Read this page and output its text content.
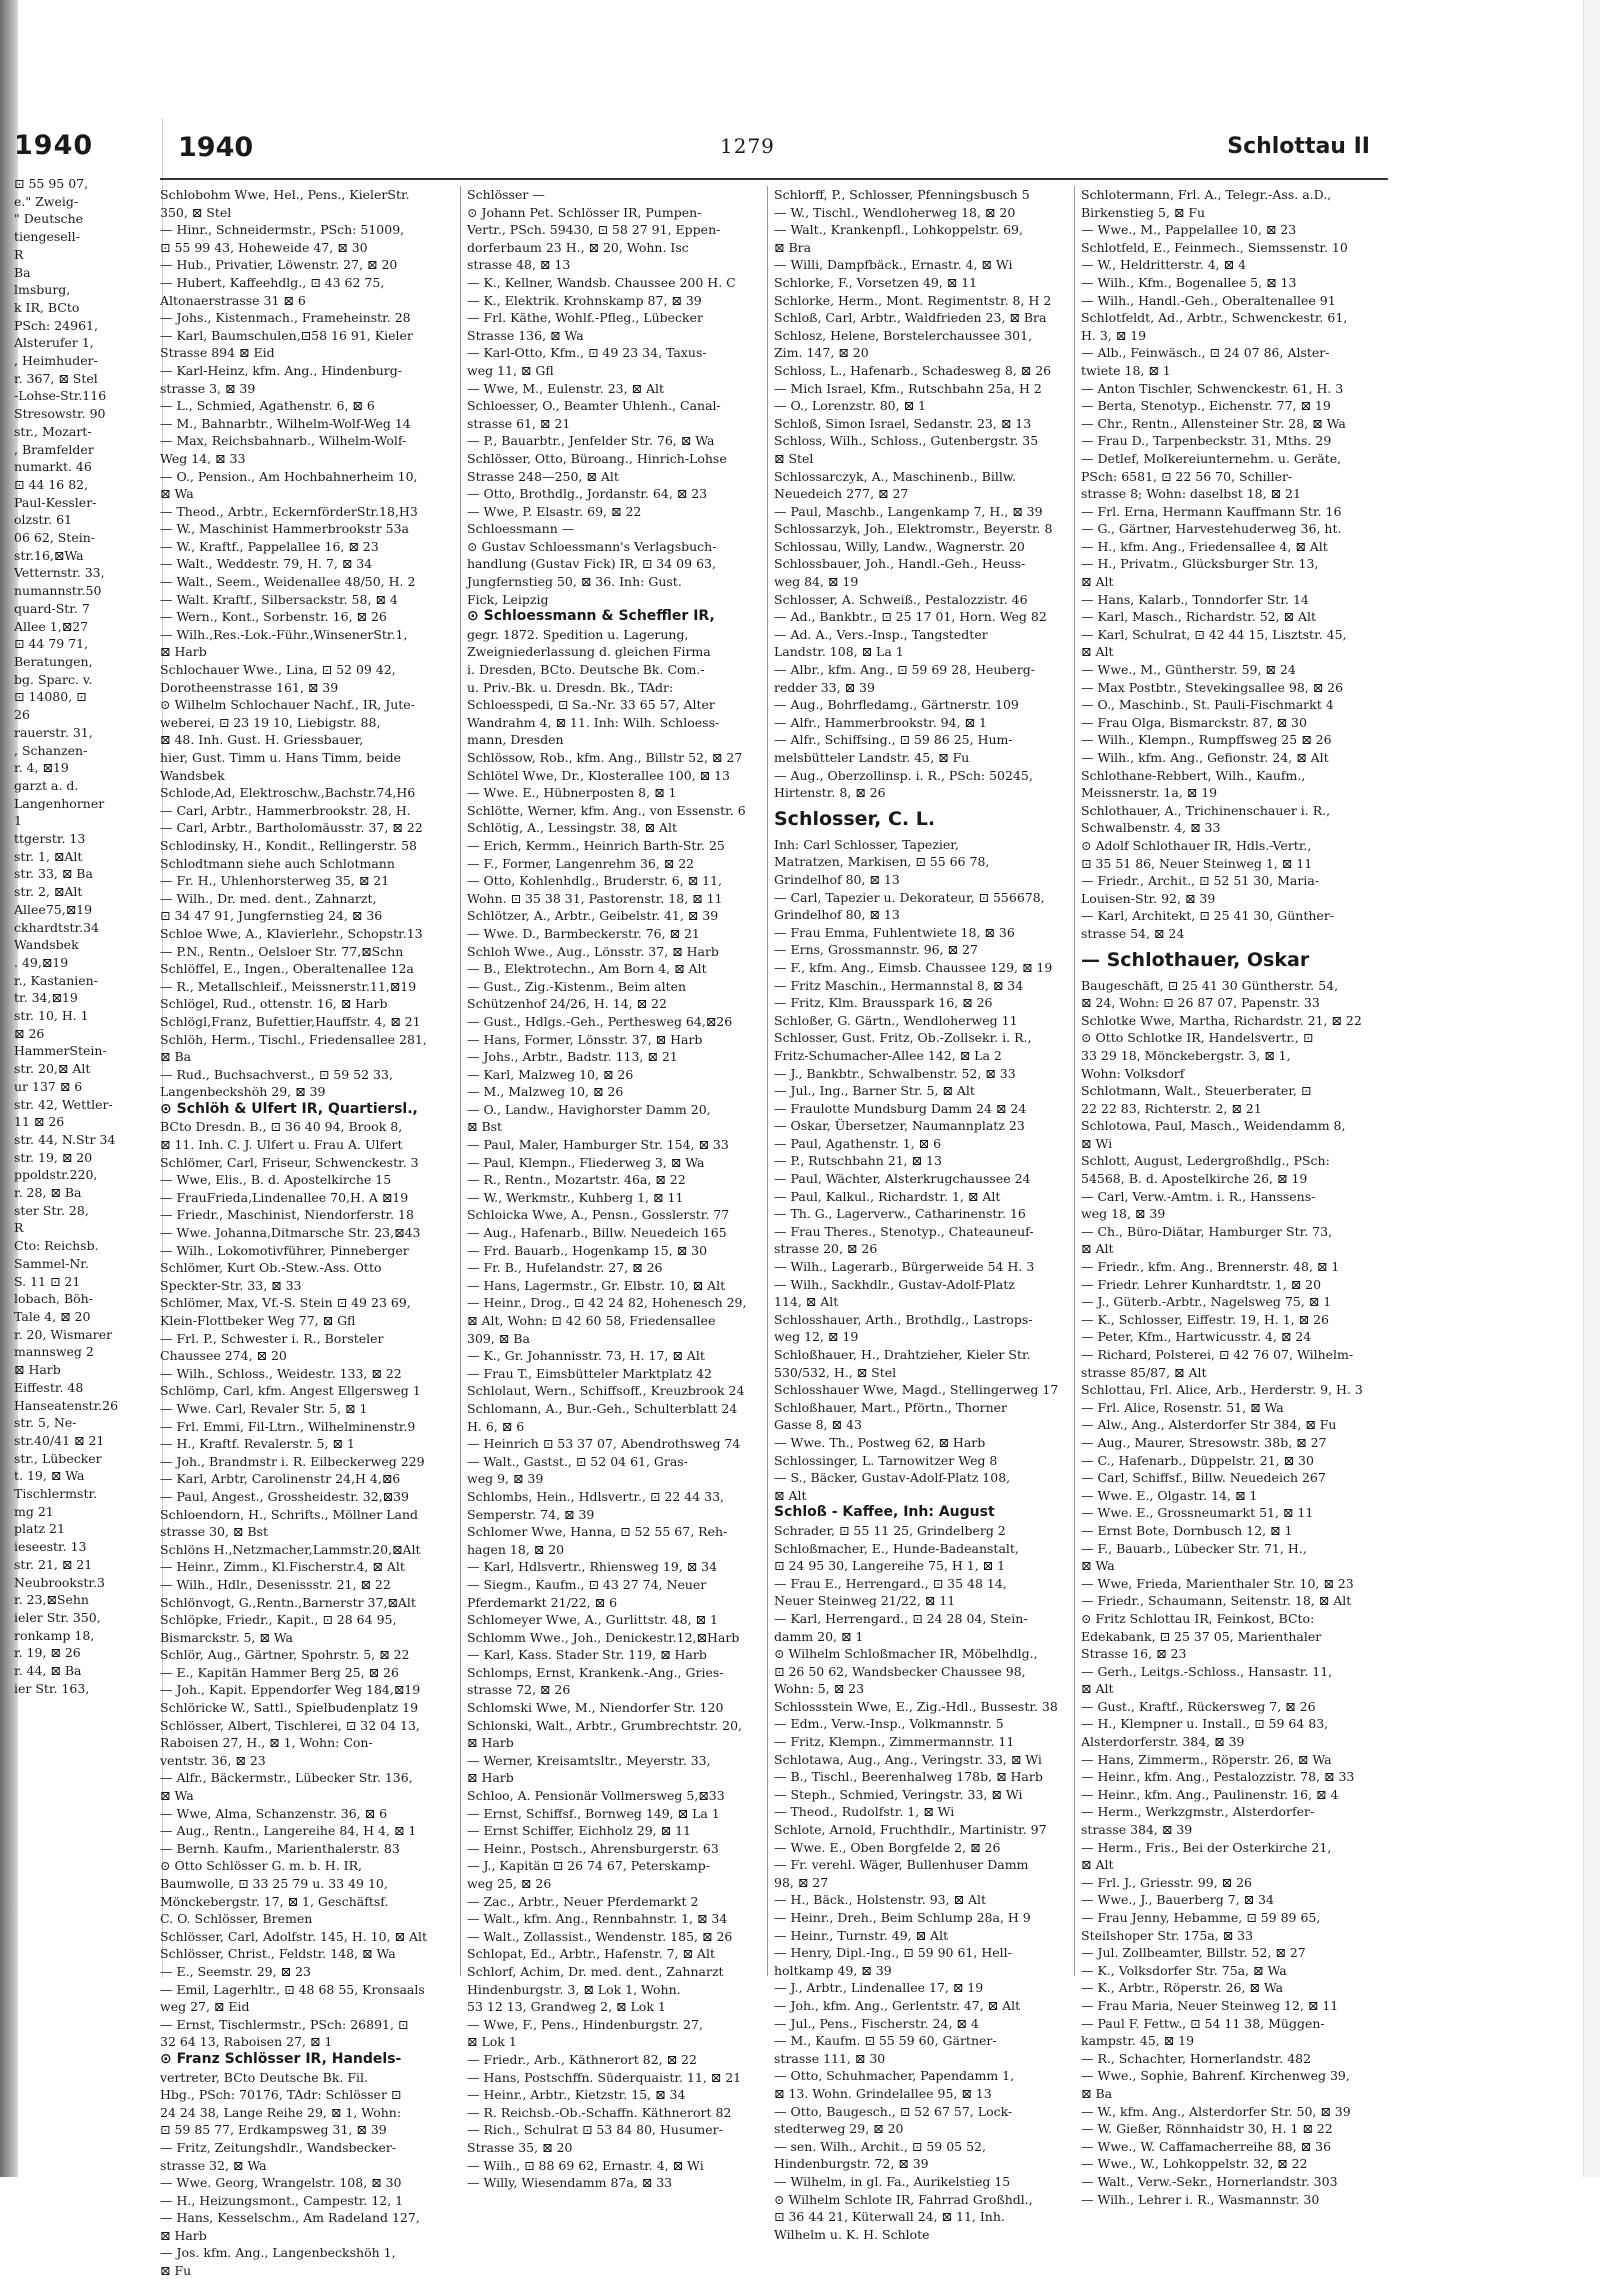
1940
⊡ 55 95 07,
e." Zweig-
" Deutsche
tiengesell-
R
Ba
lmsburg,
k IR, BCto
PSch: 24961,
Alsterufer 1,
, Heimhuder-
r. 367, ⊠ Stel
-Lohse-Str.116
Stresowstr. 90
str., Mozart-
, Bramfelder
numarkt. 46
⊡ 44 16 82,
Paul-Kessler-
olzstr. 61
06 62, Stein-
str.16,⊠Wa
Vetternstr. 33,
numannstr.50
quard-Str. 7
Allee 1,⊠27
⊡ 44 79 71,
Beratungen,
bg. Sparc. v.
⊡ 14080, ⊡
26
rauerstr. 31,
, Schanzen-
r. 4, ⊠19
garzt a. d.
Langenhorner
1
ttgerstr. 13
str. 1, ⊠Alt
str. 33, ⊠ Ba
str. 2, ⊠Alt
Allee75,⊠19
ckhardtstr.34
Wandsbek
. 49,⊠19
r., Kastanien-
tr. 34,⊠19
str. 10, H. 1
⊠ 26
HammerStein-
str. 20,⊠ Alt
ur 137 ⊠ 6
str. 42, Wettler-
11 ⊠ 26
str. 44, N.Str 34
str. 19, ⊠ 20
ppoldstr.220,
r. 28, ⊠ Ba
ster Str. 28,
R
Cto: Reichsb.
Sammel-Nr.
S. 11 ⊡ 21
lobach, Böh-
Tale 4, ⊠ 20
r. 20, Wismarer
mannsweg 2
⊠ Harb
Eiffestr. 48
Hanseatenstr.26
str. 5, Ne-
str.40/41 ⊠ 21
str., Lübecker
t. 19, ⊠ Wa
Tischlermstr.
mg 21
platz 21
ieseestr. 13
str. 21, ⊠ 21
Neubrookstr.3
r. 23,⊠Sehn
ieler Str. 350,
ronkamp 18,
r. 19, ⊠ 26
r. 44, ⊠ Ba
ier Str. 163,
1940	1279	Schlottau II
Schlobohm Wwe, Hel., Pens., KielerStr.
350, ⊠ Stel
— Hinr., Schneidermstr., PSch: 51009,
⊡ 55 99 43, Hoheweide 47, ⊠ 30
— Hub., Privatier, Löwenstr. 27, ⊠ 20
— Hubert, Kaffeehdlg., ⊡ 43 62 75,
Altonaerstrasse 31 ⊠ 6
— Johs., Kistenmach., Frameheinstr. 28
— Karl, Baumschulen,⊡58 16 91, Kieler
Strasse 894 ⊠ Eid
— Karl-Heinz, kfm. Ang., Hindenburg-
strasse 3, ⊠ 39
— L., Schmied, Agathenstr. 6, ⊠ 6
— M., Bahnarbtr., Wilhelm-Wolf-Weg 14
— Max, Reichsbahnarb., Wilhelm-Wolf-
Weg 14, ⊠ 33
— O., Pension., Am Hochbahnerheim 10,
⊠ Wa
— Theod., Arbtr., EckernförderStr.18,H3
— W., Maschinist Hammerbrookstr 53a
— W., Kraftf., Pappelallee 16, ⊠ 23
— Walt., Weddestr. 79, H. 7, ⊠ 34
— Walt., Seem., Weidenallee 48/50, H. 2
— Walt. Kraftf., Silbersackstr. 58, ⊠ 4
— Wern., Kont., Sorbenstr. 16, ⊠ 26
— Wilh.,Res.-Lok.-Führ.,WinsenerStr.1,
⊠ Harb
Schlochauer Wwe., Lina, ⊡ 52 09 42,
Dorotheenstrasse 161, ⊠ 39
⊙ Wilhelm Schlochauer Nachf., IR, Jute-
weberei, ⊡ 23 19 10, Liebigstr. 88,
⊠ 48. Inh. Gust. H. Griessbauer,
hier, Gust. Timm u. Hans Timm, beide
Wandsbek
Schlode,Ad, Elektroschw.,Bachstr.74,H6
— Carl, Arbtr., Hammerbrookstr. 28, H.
— Carl, Arbtr., Bartholomäusstr. 37, ⊠ 22
Schlodinsky, H., Kondit., Rellingerstr. 58
Schlodtmann siehe auch Schlotmann
— Fr. H., Uhlenhorsterweg 35, ⊠ 21
— Wilh., Dr. med. dent., Zahnarzt,
⊡ 34 47 91, Jungfernstieg 24, ⊠ 36
Schloe Wwe, A., Klavierlehr., Schopstr.13
— P.N., Rentn., Oelsloer Str. 77,⊠Schn
Schlöffel, E., Ingen., Oberaltenallee 12a
— R., Metallschleif., Meissnerstr.11,⊠19
Schlögel, Rud., ottenstr. 16, ⊠ Harb
Schlögl,Franz, Bufettier,Hauffstr. 4, ⊠ 21
Schlöh, Herm., Tischl., Friedensallee 281,
⊠ Ba
— Rud., Buchsachverst., ⊡ 59 52 33,
Langenbeckshöh 29, ⊠ 39
⊙ Schlöh & Ulfert IR, Quartiersl.,
BCto Dresdn. B., ⊡ 36 40 94, Brook 8,
⊠ 11. Inh. C. J. Ulfert u. Frau A. Ulfert
Schlömer, Carl, Friseur, Schwenckestr. 3
— Wwe, Elis., B. d. Apostelkirche 15
— FrauFrieda,Lindenallee 70,H. A ⊠19
— Friedr., Maschinist, Niendorferstr. 18
— Wwe. Johanna,Ditmarsche Str. 23,⊠43
— Wilh., Lokomotivführer, Pinneberger
Schlömer, Kurt Ob.-Stew.-Ass. Otto
Speckter-Str. 33, ⊠ 33
Schlömer, Max, Vf.-S. Stein ⊡ 49 23 69,
Klein-Flottbeker Weg 77, ⊠ Gfl
— Frl. P., Schwester i. R., Borsteler
Chaussee 274, ⊠ 20
— Wilh., Schloss., Weidestr. 133, ⊠ 22
Schlömp, Carl, kfm. Angest Ellgersweg 1
— Wwe. Carl, Revaler Str. 5, ⊠ 1
— Frl. Emmi, Fil-Ltrn., Wilhelminenstr.9
— H., Kraftf. Revalerstr. 5, ⊠ 1
— Joh., Brandmstr i. R. Eilbeckerweg 229
— Karl, Arbtr, Carolinenstr 24,H 4,⊠6
— Paul, Angest., Grossheidestr. 32,⊠39
Schloendorn, H., Schrifts., Möllner Land
strasse 30, ⊠ Bst
Schlöns H.,Netzmacher,Lammstr.20,⊠Alt
— Heinr., Zimm., Kl.Fischerstr.4, ⊠ Alt
— Wilh., Hdlr., Desenissstr. 21, ⊠ 22
Schlönvogt, G.,Rentn.,Barnerstr 37,⊠Alt
Schlöpke, Friedr., Kapit., ⊡ 28 64 95,
Bismarckstr. 5, ⊠ Wa
Schlör, Aug., Gärtner, Spohrstr. 5, ⊠ 22
— E., Kapitän Hammer Berg 25, ⊠ 26
— Joh., Kapit. Eppendorfer Weg 184,⊠19
Schlöricke W., Sattl., Spielbudenplatz 19
Schlösser, Albert, Tischlerei, ⊡ 32 04 13,
Raboisen 27, H., ⊠ 1, Wohn: Con-
ventstr. 36, ⊠ 23
— Alfr., Bäckermstr., Lübecker Str. 136,
⊠ Wa
— Wwe, Alma, Schanzenstr. 36, ⊠ 6
— Aug., Rentn., Langereihe 84, H 4, ⊠ 1
— Bernh. Kaufm., Marienthalerstr. 83
⊙ Otto Schlösser G. m. b. H. IR,
Baumwolle, ⊡ 33 25 79 u. 33 49 10,
Mönckebergstr. 17, ⊠ 1, Geschäftsf.
C. O. Schlösser, Bremen
Schlösser, Carl, Adolfstr. 145, H. 10, ⊠ Alt
Schlösser, Christ., Feldstr. 148, ⊠ Wa
— E., Seemstr. 29, ⊠ 23
— Emil, Lagerhltr., ⊡ 48 68 55, Kronsaals
weg 27, ⊠ Eid
— Ernst, Tischlermstr., PSch: 26891, ⊡
32 64 13, Raboisen 27, ⊠ 1
⊙ Franz Schlösser IR, Handels-
vertreter, BCto Deutsche Bk. Fil.
Hbg., PSch: 70176, TAdr: Schlösser ⊡
24 24 38, Lange Reihe 29, ⊠ 1, Wohn:
⊡ 59 85 77, Erdkampsweg 31, ⊠ 39
— Fritz, Zeitungshdlr., Wandsbecker-
strasse 32, ⊠ Wa
— Wwe. Georg, Wrangelstr. 108, ⊠ 30
— H., Heizungsmont., Campestr. 12, 1
— Hans, Kesselschm., Am Radeland 127,
⊠ Harb
— Jos. kfm. Ang., Langenbeckshöh 1,
⊠ Fu
Schlösser —
⊙ Johann Pet. Schlösser IR, Pumpen-
Vertr., PSch. 59430, ⊡ 58 27 91, Eppen-
dorferbaum 23 H., ⊠ 20, Wohn. Isc
strasse 48, ⊠ 13
— K., Kellner, Wandsb. Chaussee 200 H. C
— K., Elektrik. Krohnskamp 87, ⊠ 39
— Frl. Käthe, Wohlf.-Pfleg., Lübecker
Strasse 136, ⊠ Wa
— Karl-Otto, Kfm., ⊡ 49 23 34, Taxus-
weg 11, ⊠ Gfl
— Wwe, M., Eulenstr. 23, ⊠ Alt
Schloesser, O., Beamter Uhlenh., Canal-
strasse 61, ⊠ 21
— P., Bauarbtr., Jenfelder Str. 76, ⊠ Wa
Schlösser, Otto, Büroang., Hinrich-Lohse
Strasse 248—250, ⊠ Alt
— Otto, Brothdlg., Jordanstr. 64, ⊠ 23
— Wwe, P. Elsastr. 69, ⊠ 22
Schloessmann —
⊙ Gustav Schloessmann's Verlagsbuch-
handlung (Gustav Fick) IR, ⊡ 34 09 63,
Jungfernstieg 50, ⊠ 36. Inh: Gust.
Fick, Leipzig
⊙ Schloessmann & Scheffler IR,
gegr. 1872. Spedition u. Lagerung,
Zweigniederlassung d. gleichen Firma
i. Dresden, BCto. Deutsche Bk. Com.-
u. Priv.-Bk. u. Dresdn. Bk., TAdr:
Schloesspedi, ⊡ Sa.-Nr. 33 65 57, Alter
Wandrahm 4, ⊠ 11. Inh: Wilh. Schloess-
mann, Dresden
Schlössow, Rob., kfm. Ang., Billstr 52, ⊠ 27
Schlötel Wwe, Dr., Klosterallee 100, ⊠ 13
— Wwe. E., Hübnerposten 8, ⊠ 1
Schlötte, Werner, kfm. Ang., von Essenstr. 6
Schlötig, A., Lessingstr. 38, ⊠ Alt
— Erich, Kermm., Heinrich Barth-Str. 25
— F., Former, Langenrehm 36, ⊠ 22
— Otto, Kohlenhdlg., Bruderstr. 6, ⊠ 11,
Wohn. ⊡ 35 38 31, Pastorenstr. 18, ⊠ 11
Schlötzer, A., Arbtr., Geibelstr. 41, ⊠ 39
— Wwe. D., Barmbeckerstr. 76, ⊠ 21
Schloh Wwe., Aug., Lönsstr. 37, ⊠ Harb
— B., Elektrotechn., Am Born 4, ⊠ Alt
— Gust., Zig.-Kistenm., Beim alten
Schützenhof 24/26, H. 14, ⊠ 22
— Gust., Hdlgs.-Geh., Perthesweg 64,⊠26
— Hans, Former, Lönsstr. 37, ⊠ Harb
— Johs., Arbtr., Badstr. 113, ⊠ 21
— Karl, Malzweg 10, ⊠ 26
— M., Malzweg 10, ⊠ 26
— O., Landw., Havighorster Damm 20,
⊠ Bst
— Paul, Maler, Hamburger Str. 154, ⊠ 33
— Paul, Klempn., Fliederweg 3, ⊠ Wa
— R., Rentn., Mozartstr. 46a, ⊠ 22
— W., Werkmstr., Kuhberg 1, ⊠ 11
Schloicka Wwe, A., Pensn., Gosslerstr. 77
— Aug., Hafenarb., Billw. Neuedeich 165
— Frd. Bauarb., Hogenkamp 15, ⊠ 30
— Fr. B., Hufelandstr. 27, ⊠ 26
— Hans, Lagermstr., Gr. Elbstr. 10, ⊠ Alt
— Heinr., Drog., ⊡ 42 24 82, Hohenesch 29,
⊠ Alt, Wohn: ⊡ 42 60 58, Friedensallee
309, ⊠ Ba
— K., Gr. Johannisstr. 73, H. 17, ⊠ Alt
— Frau T., Eimsbütteler Marktplatz 42
Schlolaut, Wern., Schiffsoff., Kreuzbrook 24
Schlomann, A., Bur.-Geh., Schulterblatt 24
H. 6, ⊠ 6
— Heinrich ⊡ 53 37 07, Abendrothsweg 74
— Walt., Gastst., ⊡ 52 04 61, Gras-
weg 9, ⊠ 39
Schlombs, Hein., Hdlsvertr., ⊡ 22 44 33,
Semperstr. 74, ⊠ 39
Schlomer Wwe, Hanna, ⊡ 52 55 67, Reh-
hagen 18, ⊠ 20
— Karl, Hdlsvertr., Rhiensweg 19, ⊠ 34
— Siegm., Kaufm., ⊡ 43 27 74, Neuer
Pferdemarkt 21/22, ⊠ 6
Schlomeyer Wwe, A., Gurlittstr. 48, ⊠ 1
Schlomm Wwe., Joh., Denickestr.12,⊠Harb
— Karl, Kass. Stader Str. 119, ⊠ Harb
Schlomps, Ernst, Krankenk.-Ang., Gries-
strasse 72, ⊠ 26
Schlomski Wwe, M., Niendorfer Str. 120
Schlonski, Walt., Arbtr., Grumbrechtstr. 20,
⊠ Harb
— Werner, Kreisamtsltr., Meyerstr. 33,
⊠ Harb
Schloo, A. Pensionär Vollmersweg 5,⊠33
— Ernst, Schiffsf., Bornweg 149, ⊠ La 1
— Ernst Schiffer, Eichholz 29, ⊠ 11
— Heinr., Postsch., Ahrensburgerstr. 63
— J., Kapitän ⊡ 26 74 67, Peterskamp-
weg 25, ⊠ 26
— Zac., Arbtr., Neuer Pferdemarkt 2
— Walt., kfm. Ang., Rennbahnstr. 1, ⊠ 34
— Walt., Zollassist., Wendenstr. 185, ⊠ 26
Schlopat, Ed., Arbtr., Hafenstr. 7, ⊠ Alt
Schlorf, Achim, Dr. med. dent., Zahnarzt
Hindenburgstr. 3, ⊠ Lok 1, Wohn.
53 12 13, Grandweg 2, ⊠ Lok 1
— Wwe, F., Pens., Hindenburgstr. 27,
⊠ Lok 1
— Friedr., Arb., Käthnerort 82, ⊠ 22
— Hans, Postschffn. Süderquaistr. 11, ⊠ 21
— Heinr., Arbtr., Kietzstr. 15, ⊠ 34
— R. Reichsb.-Ob.-Schaffn. Käthnerort 82
— Rich., Schulrat ⊡ 53 84 80, Husumer-
Strasse 35, ⊠ 20
— Wilh., ⊡ 88 69 62, Ernastr. 4, ⊠ Wi
— Willy, Wiesendamm 87a, ⊠ 33
Schlorff, P., Schlosser, Pfenningsbusch 5
— W., Tischl., Wendloherweg 18, ⊠ 20
— Walt., Krankenpfl., Lohkoppelstr. 69,
⊠ Bra
— Willi, Dampfbäck., Ernastr. 4, ⊠ Wi
Schlorke, F., Vorsetzen 49, ⊠ 11
Schlorke, Herm., Mont. Regimentstr. 8, H 2
Schloß, Carl, Arbtr., Waldfrieden 23, ⊠ Bra
Schlosz, Helene, Borstelerchaussee 301,
Zim. 147, ⊠ 20
Schloss, L., Hafenarb., Schadesweg 8, ⊠ 26
— Mich Israel, Kfm., Rutschbahn 25a, H 2
— O., Lorenzstr. 80, ⊠ 1
Schloß, Simon Israel, Sedanstr. 23, ⊠ 13
Schloss, Wilh., Schloss., Gutenbergstr. 35
⊠ Stel
Schlossarczyk, A., Maschinenb., Billw.
Neuedeich 277, ⊠ 27
— Paul, Maschb., Langenkamp 7, H., ⊠ 39
Schlossarzyk, Joh., Elektromstr., Beyerstr. 8
Schlossau, Willy, Landw., Wagnerstr. 20
Schlossbauer, Joh., Handl.-Geh., Heuss-
weg 84, ⊠ 19
Schlosser, A. Schweiß., Pestalozzistr. 46
— Ad., Bankbtr., ⊡ 25 17 01, Horn. Weg 82
— Ad. A., Vers.-Insp., Tangstedter
Landstr. 108, ⊠ La 1
— Albr., kfm. Ang., ⊡ 59 69 28, Heuberg-
redder 33, ⊠ 39
— Aug., Bohrfledamg., Gärtnerstr. 109
— Alfr., Hammerbrookstr. 94, ⊠ 1
— Alfr., Schiffsing., ⊡ 59 86 25, Hum-
melsbütteler Landstr. 45, ⊠ Fu
— Aug., Oberzollinsp. i. R., PSch: 50245,
Hirtenstr. 8, ⊠ 26
Schlosser, C. L.
Inh: Carl Schlosser, Tapezier,
Matratzen, Markisen, ⊡ 55 66 78,
Grindelhof 80, ⊠ 13
— Carl, Tapezier u. Dekorateur, ⊡ 556678,
Grindelhof 80, ⊠ 13
— Frau Emma, Fuhlentwiete 18, ⊠ 36
— Erns, Grossmannstr. 96, ⊠ 27
— F., kfm. Ang., Eimsb. Chaussee 129, ⊠ 19
— Fritz Maschin., Hermannstal 8, ⊠ 34
— Fritz, Klm. Brausspark 16, ⊠ 26
Schloßer, G. Gärtn., Wendloherweg 11
Schlosser, Gust. Fritz, Ob.-Zollsekr. i. R.,
Fritz-Schumacher-Allee 142, ⊠ La 2
— J., Bankbtr., Schwalbenstr. 52, ⊠ 33
— Jul., Ing., Barner Str. 5, ⊠ Alt
— Fraulotte Mundsburg Damm 24 ⊠ 24
— Oskar, Übersetzer, Naumannplatz 23
— Paul, Agathenstr. 1, ⊠ 6
— P., Rutschbahn 21, ⊠ 13
— Paul, Wächter, Alsterkrugchaussee 24
— Paul, Kalkul., Richardstr. 1, ⊠ Alt
— Th. G., Lagerverw., Catharinenstr. 16
— Frau Theres., Stenotyp., Chateauneuf-
strasse 20, ⊠ 26
— Wilh., Lagerarb., Bürgerweide 54 H. 3
— Wilh., Sackhdlr., Gustav-Adolf-Platz
114, ⊠ Alt
Schlosshauer, Arth., Brothdlg., Lastrops-
weg 12, ⊠ 19
Schloßhauer, H., Drahtzieher, Kieler Str.
530/532, H., ⊠ Stel
Schlosshauer Wwe, Magd., Stellingerweg 17
Schloßhauer, Mart., Pförtn., Thorner
Gasse 8, ⊠ 43
— Wwe. Th., Postweg 62, ⊠ Harb
Schlossinger, L. Tarnowitzer Weg 8
— S., Bäcker, Gustav-Adolf-Platz 108,
⊠ Alt
Schloß - Kaffee, Inh: August
Schrader, ⊡ 55 11 25, Grindelberg 2
Schloßmacher, E., Hunde-Badeanstalt,
⊡ 24 95 30, Langereihe 75, H 1, ⊠ 1
— Frau E., Herrengard., ⊡ 35 48 14,
Neuer Steinweg 21/22, ⊠ 11
— Karl, Herrengard., ⊡ 24 28 04, Stein-
damm 20, ⊠ 1
⊙ Wilhelm Schloßmacher IR, Möbelhdlg.,
⊡ 26 50 62, Wandsbecker Chaussee 98,
Wohn: 5, ⊠ 23
Schlossstein Wwe, E., Zig.-Hdl., Bussestr. 38
— Edm., Verw.-Insp., Volkmannstr. 5
— Fritz, Klempn., Zimmermannstr. 11
Schlotawa, Aug., Ang., Veringstr. 33, ⊠ Wi
— B., Tischl., Beerenhalweg 178b, ⊠ Harb
— Steph., Schmied, Veringstr. 33, ⊠ Wi
— Theod., Rudolfstr. 1, ⊠ Wi
Schlote, Arnold, Fruchthdlr., Martinistr. 97
— Wwe. E., Oben Borgfelde 2, ⊠ 26
— Fr. verehl. Wäger, Bullenhuser Damm
98, ⊠ 27
— H., Bäck., Holstenstr. 93, ⊠ Alt
— Heinr., Dreh., Beim Schlump 28a, H 9
— Heinr., Turnstr. 49, ⊠ Alt
— Henry, Dipl.-Ing., ⊡ 59 90 61, Hell-
holtkamp 49, ⊠ 39
— J., Arbtr., Lindenallee 17, ⊠ 19
— Joh., kfm. Ang., Gerlentstr. 47, ⊠ Alt
— Jul., Pens., Fischerstr. 24, ⊠ 4
— M., Kaufm. ⊡ 55 59 60, Gärtner-
strasse 111, ⊠ 30
— Otto, Schuhmacher, Papendamm 1,
⊠ 13. Wohn. Grindelallee 95, ⊠ 13
— Otto, Baugesch., ⊡ 52 67 57, Lock-
stedterweg 29, ⊠ 20
— sen. Wilh., Archit., ⊡ 59 05 52,
Hindenburgstr. 72, ⊠ 39
— Wilhelm, in gl. Fa., Aurikelstieg 15
⊙ Wilhelm Schlote IR, Fahrrad Großhdl.,
⊡ 36 44 21, Küterwall 24, ⊠ 11, Inh.
Wilhelm u. K. H. Schlote
Schlotermann, Frl. A., Telegr.-Ass. a.D.,
Birkenstieg 5, ⊠ Fu
— Wwe., M., Pappelallee 10, ⊠ 23
Schlotfeld, E., Feinmech., Siemssenstr. 10
— W., Heldritterstr. 4, ⊠ 4
— Wilh., Kfm., Bogenallee 5, ⊠ 13
— Wilh., Handl.-Geh., Oberaltenallee 91
Schlotfeldt, Ad., Arbtr., Schwenckestr. 61,
H. 3, ⊠ 19
— Alb., Feinwäsch., ⊡ 24 07 86, Alster-
twiete 18, ⊠ 1
— Anton Tischler, Schwenckestr. 61, H. 3
— Berta, Stenotyp., Eichenstr. 77, ⊠ 19
— Chr., Rentn., Allensteiner Str. 28, ⊠ Wa
— Frau D., Tarpenbeckstr. 31, Mths. 29
— Detlef, Molkereiunternehm. u. Geräte,
PSch: 6581, ⊡ 22 56 70, Schiller-
strasse 8; Wohn: daselbst 18, ⊠ 21
— Frl. Erna, Hermann Kauffmann Str. 16
— G., Gärtner, Harvestehuderweg 36, ht.
— H., kfm. Ang., Friedensallee 4, ⊠ Alt
— H., Privatm., Glücksburger Str. 13,
⊠ Alt
— Hans, Kalarb., Tonndorfer Str. 14
— Karl, Masch., Richardstr. 52, ⊠ Alt
— Karl, Schulrat, ⊡ 42 44 15, Lisztstr. 45,
⊠ Alt
— Wwe., M., Güntherstr. 59, ⊠ 24
— Max Postbtr., Stevekingsallee 98, ⊠ 26
— O., Maschinb., St. Pauli-Fischmarkt 4
— Frau Olga, Bismarckstr. 87, ⊠ 30
— Wilh., Klempn., Rumpffsweg 25 ⊠ 26
— Wilh., kfm. Ang., Gefionstr. 24, ⊠ Alt
Schlothane-Rebbert, Wilh., Kaufm.,
Meissnerstr. 1a, ⊠ 19
Schlothauer, A., Trichinenschauer i. R.,
Schwalbenstr. 4, ⊠ 33
⊙ Adolf Schlothauer IR, Hdls.-Vertr.,
⊡ 35 51 86, Neuer Steinweg 1, ⊠ 11
— Friedr., Archit., ⊡ 52 51 30, Maria-
Louisen-Str. 92, ⊠ 39
— Karl, Architekt, ⊡ 25 41 30, Günther-
strasse 54, ⊠ 24
— Schlothauer, Oskar
Baugeschäft, ⊡ 25 41 30 Güntherstr. 54,
⊠ 24, Wohn: ⊡ 26 87 07, Papenstr. 33
Schlotke Wwe, Martha, Richardstr. 21, ⊠ 22
⊙ Otto Schlotke IR, Handelsvertr., ⊡
33 29 18, Mönckebergstr. 3, ⊠ 1,
Wohn: Volksdorf
Schlotmann, Walt., Steuerberater, ⊡
22 22 83, Richterstr. 2, ⊠ 21
Schlotowa, Paul, Masch., Weidendamm 8,
⊠ Wi
Schlott, August, Ledergroßhdlg., PSch:
54568, B. d. Apostelkirche 26, ⊠ 19
— Carl, Verw.-Amtm. i. R., Hanssens-
weg 18, ⊠ 39
— Ch., Büro-Diätar, Hamburger Str. 73,
⊠ Alt
— Friedr., kfm. Ang., Brennerstr. 48, ⊠ 1
— Friedr. Lehrer Kunhardtstr. 1, ⊠ 20
— J., Güterb.-Arbtr., Nagelsweg 75, ⊠ 1
— K., Schlosser, Eiffestr. 19, H. 1, ⊠ 26
— Peter, Kfm., Hartwicusstr. 4, ⊠ 24
— Richard, Polsterei, ⊡ 42 76 07, Wilhelm-
strasse 85/87, ⊠ Alt
Schlottau, Frl. Alice, Arb., Herderstr. 9, H. 3
— Frl. Alice, Rosenstr. 51, ⊠ Wa
— Alw., Ang., Alsterdorfer Str 384, ⊠ Fu
— Aug., Maurer, Stresowstr. 38b, ⊠ 27
— C., Hafenarb., Düppelstr. 21, ⊠ 30
— Carl, Schiffsf., Billw. Neuedeich 267
— Wwe. E., Olgastr. 14, ⊠ 1
— Wwe. E., Grossneumarkt 51, ⊠ 11
— Ernst Bote, Dornbusch 12, ⊠ 1
— F., Bauarb., Lübecker Str. 71, H.,
⊠ Wa
— Wwe, Frieda, Marienthaler Str. 10, ⊠ 23
— Friedr., Schaumann, Seitenstr. 18, ⊠ Alt
⊙ Fritz Schlottau IR, Feinkost, BCto:
Edekabank, ⊡ 25 37 05, Marienthaler
Strasse 16, ⊠ 23
— Gerh., Leitgs.-Schloss., Hansastr. 11,
⊠ Alt
— Gust., Kraftf., Rückersweg 7, ⊠ 26
— H., Klempner u. Install., ⊡ 59 64 83,
Alsterdorferstr. 384, ⊠ 39
— Hans, Zimmerm., Röperstr. 26, ⊠ Wa
— Heinr., kfm. Ang., Pestalozzistr. 78, ⊠ 33
— Heinr., kfm. Ang., Paulinenstr. 16, ⊠ 4
— Herm., Werkzgmstr., Alsterdorfer-
strasse 384, ⊠ 39
— Herm., Fris., Bei der Osterkirche 21,
⊠ Alt
— Frl. J., Griesstr. 99, ⊠ 26
— Wwe., J., Bauerberg 7, ⊠ 34
— Frau Jenny, Hebamme, ⊡ 59 89 65,
Steilshoper Str. 175a, ⊠ 33
— Jul. Zollbeamter, Billstr. 52, ⊠ 27
— K., Volksdorfer Str. 75a, ⊠ Wa
— K., Arbtr., Röperstr. 26, ⊠ Wa
— Frau Maria, Neuer Steinweg 12, ⊠ 11
— Paul F. Fettw., ⊡ 54 11 38, Müggen-
kampstr. 45, ⊠ 19
— R., Schachter, Hornerlandstr. 482
— Wwe., Sophie, Bahrenf. Kirchenweg 39,
⊠ Ba
— W., kfm. Ang., Alsterdorfer Str. 50, ⊠ 39
— W. Gießer, Rönnhaidstr 30, H. 1 ⊠ 22
— Wwe., W. Caffamacherreihe 88, ⊠ 36
— Wwe., W., Lohkoppelstr. 32, ⊠ 22
— Walt., Verw.-Sekr., Hornerlandstr. 303
— Wilh., Lehrer i. R., Wasmannstr. 30
